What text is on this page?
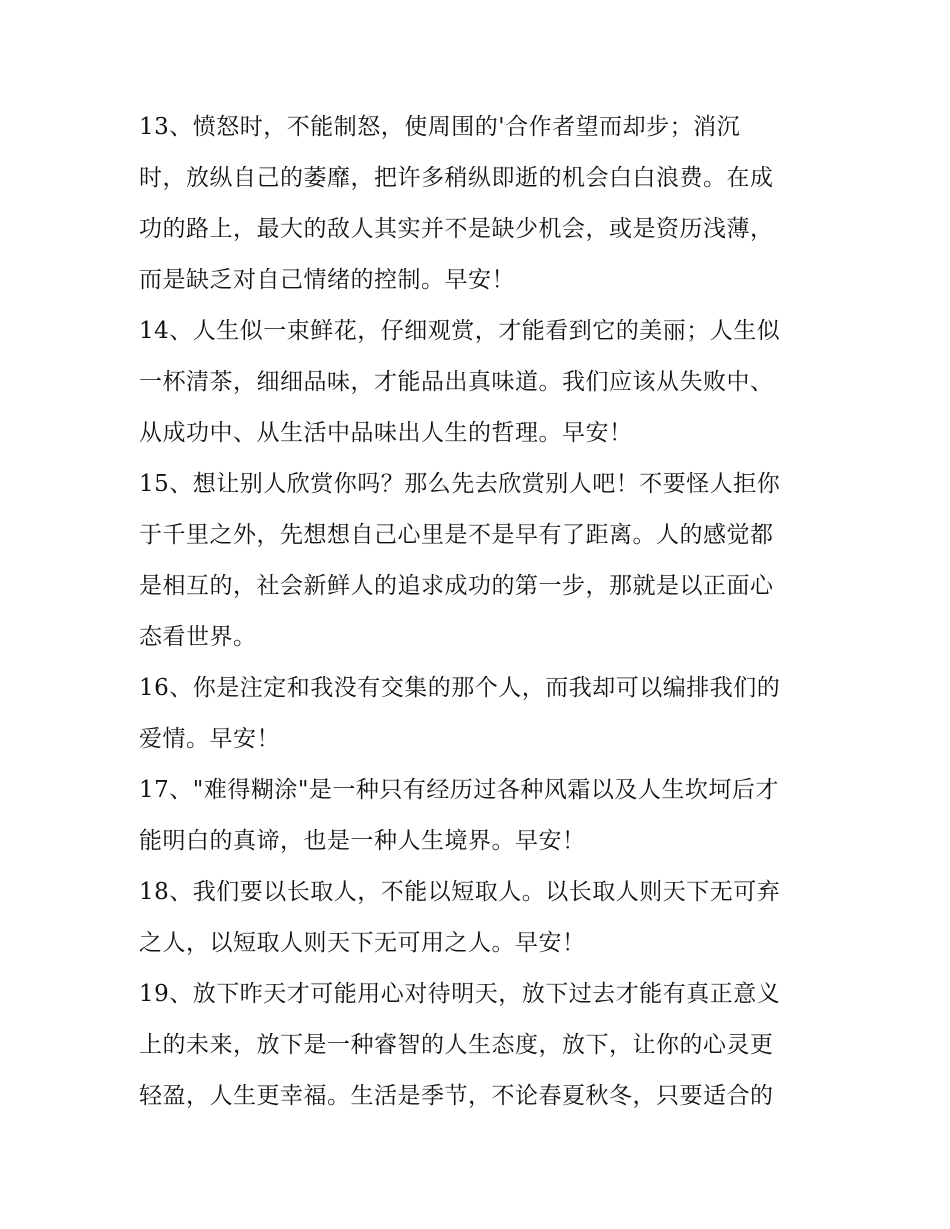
13、愤怒时，不能制怒，使周围的'合作者望而却步；消沉
时，放纵自己的萎靡，把许多稍纵即逝的机会白白浪费。在成
功的路上，最大的敌人其实并不是缺少机会，或是资历浅薄，
而是缺乏对自己情绪的控制。早安！
14、人生似一束鲜花，仔细观赏，才能看到它的美丽；人生似
一杯清茶，细细品味，才能品出真味道。我们应该从失败中、
从成功中、从生活中品味出人生的哲理。早安！
15、想让别人欣赏你吗？那么先去欣赏别人吧！不要怪人拒你
于千里之外，先想想自己心里是不是早有了距离。人的感觉都
是相互的，社会新鲜人的追求成功的第一步，那就是以正面心
态看世界。
16、你是注定和我没有交集的那个人，而我却可以编排我们的
爱情。早安！
17、"难得糊涂"是一种只有经历过各种风霜以及人生坎坷后才
能明白的真谛，也是一种人生境界。早安！
18、我们要以长取人，不能以短取人。以长取人则天下无可弃
之人，以短取人则天下无可用之人。早安！
19、放下昨天才可能用心对待明天，放下过去才能有真正意义
上的未来，放下是一种睿智的人生态度，放下，让你的心灵更
轻盈，人生更幸福。生活是季节，不论春夏秋冬，只要适合的
